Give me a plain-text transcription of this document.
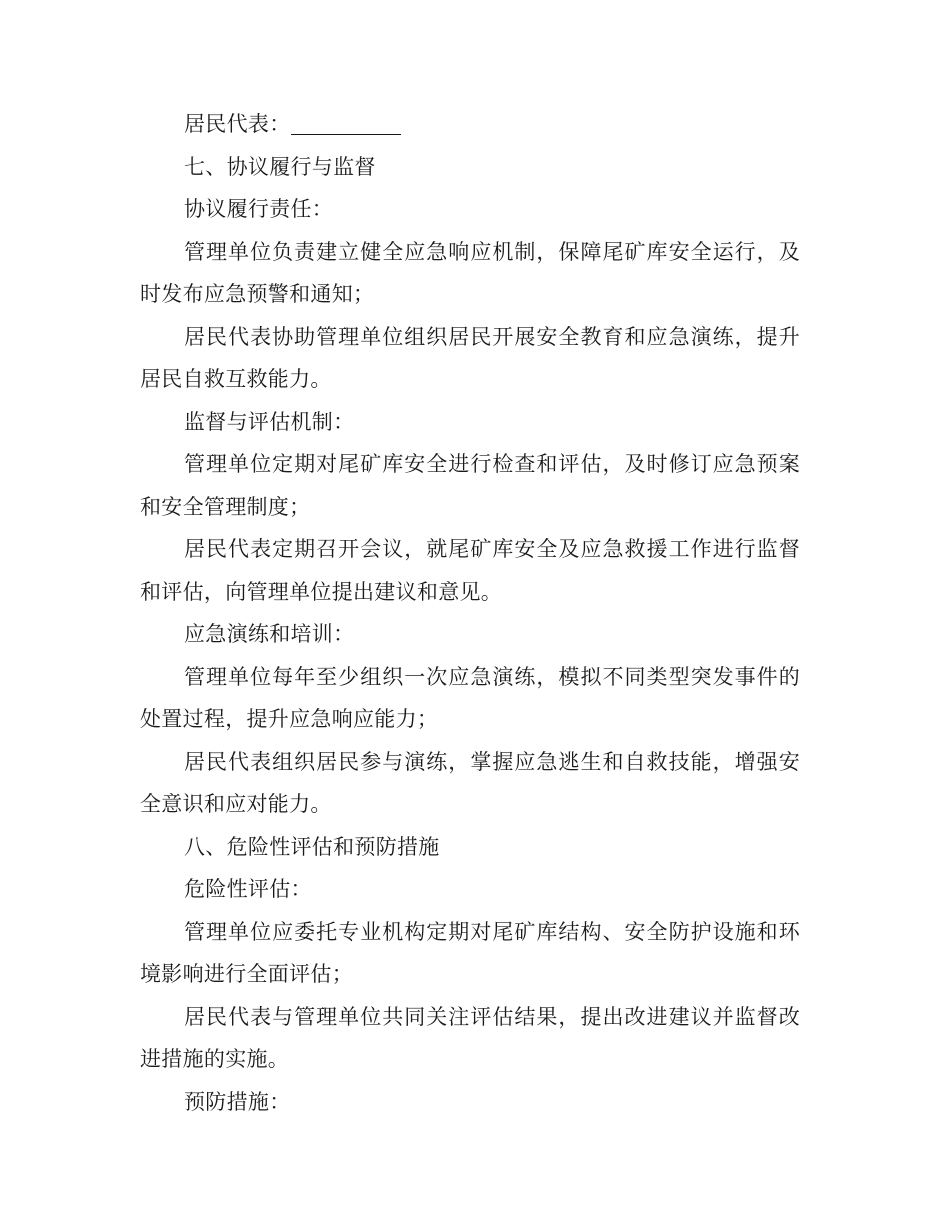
居民代表：

七、协议履行与监督

协议履行责任：

管理单位负责建立健全应急响应机制，保障尾矿库安全运行，及时发布应急预警和通知；

居民代表协助管理单位组织居民开展安全教育和应急演练，提升居民自救互救能力。

监督与评估机制：

管理单位定期对尾矿库安全进行检查和评估，及时修订应急预案和安全管理制度；

居民代表定期召开会议，就尾矿库安全及应急救援工作进行监督和评估，向管理单位提出建议和意见。

应急演练和培训：

管理单位每年至少组织一次应急演练，模拟不同类型突发事件的处置过程，提升应急响应能力；

居民代表组织居民参与演练，掌握应急逃生和自救技能，增强安全意识和应对能力。

八、危险性评估和预防措施

危险性评估：

管理单位应委托专业机构定期对尾矿库结构、安全防护设施和环境影响进行全面评估；

居民代表与管理单位共同关注评估结果，提出改进建议并监督改进措施的实施。

预防措施：
